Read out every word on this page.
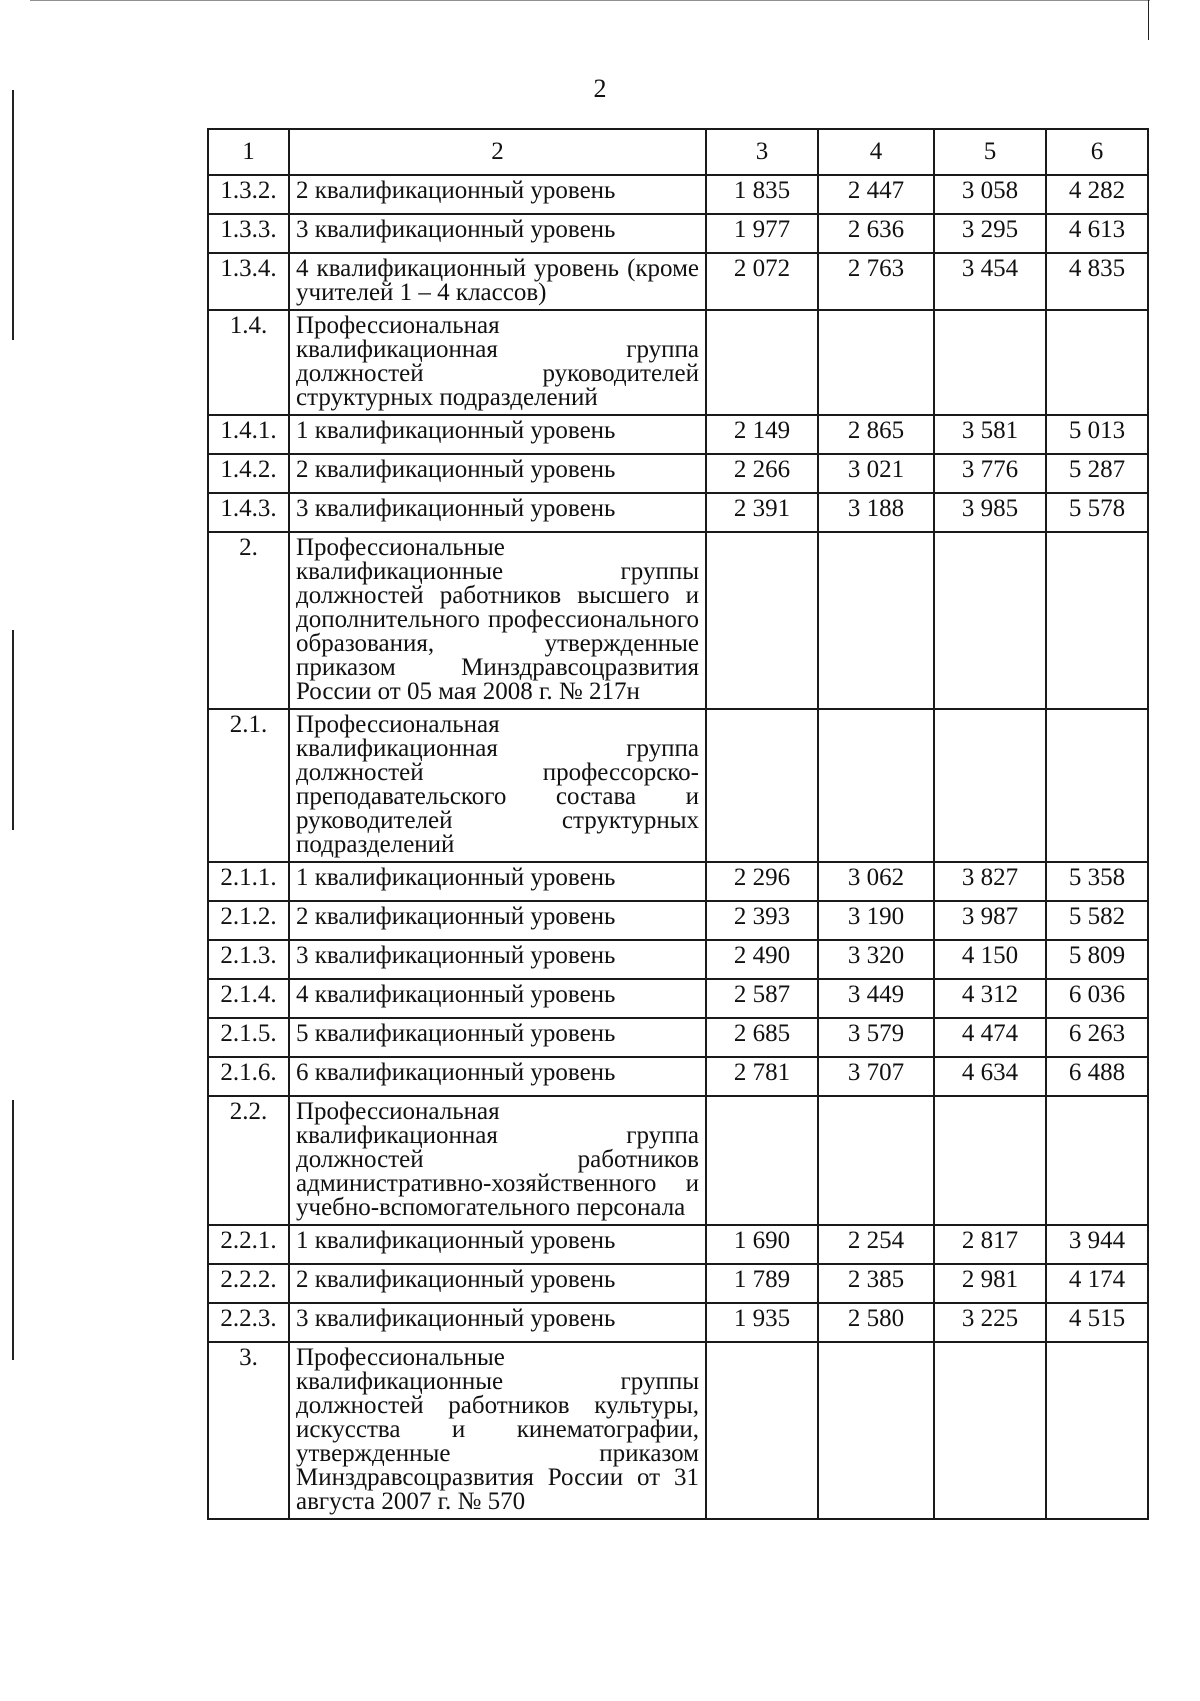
2
1	2	3	4	5	6
1.3.2.	2 квалификационный уровень	1 835	2 447	3 058	4 282
1.3.3.	3 квалификационный уровень	1 977	2 636	3 295	4 613
1.3.4.	4 квалификационный уровень (кроме учителей 1 – 4 классов)	2 072	2 763	3 454	4 835
1.4.	Профессиональная квалификационная группа должностей руководителей структурных подразделений				
1.4.1.	1 квалификационный уровень	2 149	2 865	3 581	5 013
1.4.2.	2 квалификационный уровень	2 266	3 021	3 776	5 287
1.4.3.	3 квалификационный уровень	2 391	3 188	3 985	5 578
2.	Профессиональные квалификационные группы должностей работников высшего и дополнительного профессионального образования, утвержденные приказом Минздравсоцразвития России от 05 мая 2008 г. № 217н				
2.1.	Профессиональная квалификационная группа должностей профессорско-преподавательского состава и руководителей структурных подразделений				
2.1.1.	1 квалификационный уровень	2 296	3 062	3 827	5 358
2.1.2.	2 квалификационный уровень	2 393	3 190	3 987	5 582
2.1.3.	3 квалификационный уровень	2 490	3 320	4 150	5 809
2.1.4.	4 квалификационный уровень	2 587	3 449	4 312	6 036
2.1.5.	5 квалификационный уровень	2 685	3 579	4 474	6 263
2.1.6.	6 квалификационный уровень	2 781	3 707	4 634	6 488
2.2.	Профессиональная квалификационная группа должностей работников административно-хозяйственного и учебно-вспомогательного персонала				
2.2.1.	1 квалификационный уровень	1 690	2 254	2 817	3 944
2.2.2.	2 квалификационный уровень	1 789	2 385	2 981	4 174
2.2.3.	3 квалификационный уровень	1 935	2 580	3 225	4 515
3.	Профессиональные квалификационные группы должностей работников культуры, искусства и кинематографии, утвержденные приказом Минздравсоцразвития России от 31 августа 2007 г. № 570				
